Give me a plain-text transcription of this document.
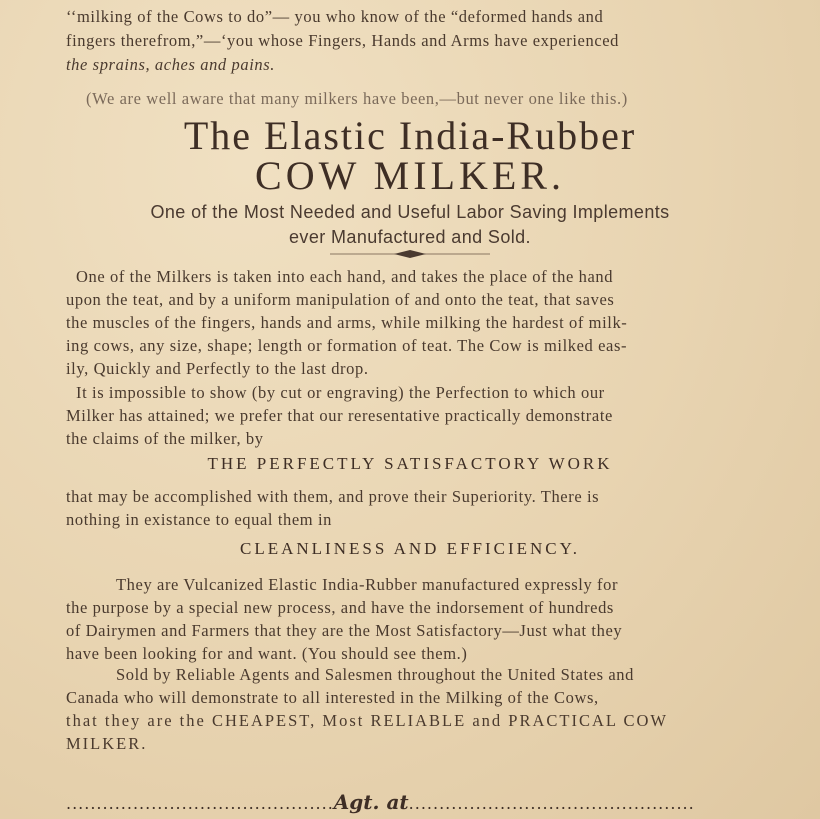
‘‘milking of the Cows to do”— you who know of the “deformed hands and
fingers therefrom,”—‘you whose Fingers, Hands and Arms have experienced
the sprains, aches and pains.
(We are well aware that many milkers have been,—but never one like this.)
The Elastic India-Rubber
COW MILKER.
One of the Most Needed and Useful Labor Saving Implements
ever Manufactured and Sold.
One of the Milkers is taken into each hand, and takes the place of the hand
upon the teat, and by a uniform manipulation of and onto the teat, that saves
the muscles of the fingers, hands and arms, while milking the hardest of milk-
ing cows, any size, shape; length or formation of teat. The Cow is milked eas-
ily, Quickly and Perfectly to the last drop.
It is impossible to show (by cut or engraving) the Perfection to which our
Milker has attained; we prefer that our reresentative practically demonstrate
the claims of the milker, by
THE PERFECTLY SATISFACTORY WORK
that may be accomplished with them, and prove their Superiority. There is
nothing in existance to equal them in
CLEANLINESS AND EFFICIENCY.
They are Vulcanized Elastic India-Rubber manufactured expressly for
the purpose by a special new process, and have the indorsement of hundreds
of Dairymen and Farmers that they are the Most Satisfactory—Just what they
have been looking for and want. (You should see them.)
Sold by Reliable Agents and Salesmen throughout the United States and
Canada who will demonstrate to all interested in the Milking of the Cows,
that they are the CHEAPEST, Most RELIABLE and PRACTICAL COW
MILKER.
............................................Agt. at...............................................
